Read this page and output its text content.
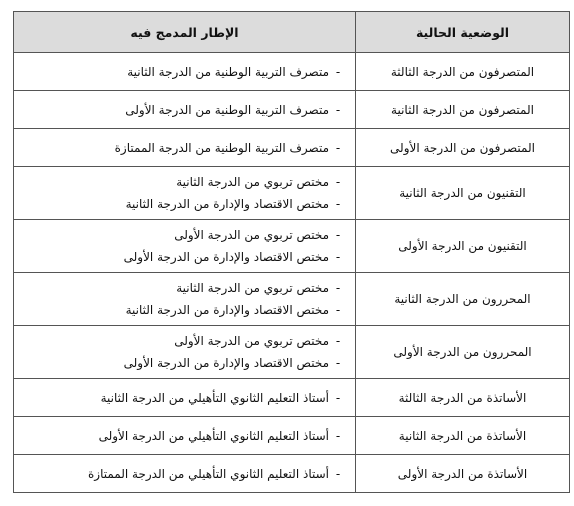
الوضعية الحالية	الإطار المدمج فيه
المتصرفون من الدرجة الثالثة	-
متصرف التربية الوطنية من الدرجة الثانية

المتصرفون من الدرجة الثانية	-
متصرف التربية الوطنية من الدرجة الأولى

المتصرفون من الدرجة الأولى	-
متصرف التربية الوطنية من الدرجة الممتازة

التقنيون من الدرجة الثانية	-
مختص تربوي من الدرجة الثانية
-
مختص الاقتصاد والإدارة من الدرجة الثانية

التقنيون من الدرجة الأولى	-
مختص تربوي من الدرجة الأولى
-
مختص الاقتصاد والإدارة من الدرجة الأولى

المحررون من الدرجة الثانية	-
مختص تربوي من الدرجة الثانية
-
مختص الاقتصاد والإدارة من الدرجة الثانية

المحررون من الدرجة الأولى	-
مختص تربوي من الدرجة الأولى
-
مختص الاقتصاد والإدارة من الدرجة الأولى

الأساتذة من الدرجة الثالثة	-
أستاذ التعليم الثانوي التأهيلي من الدرجة الثانية

الأساتذة من الدرجة الثانية	-
أستاذ التعليم الثانوي التأهيلي من الدرجة الأولى

الأساتذة من الدرجة الأولى	-
أستاذ التعليم الثانوي التأهيلي من الدرجة الممتازة
